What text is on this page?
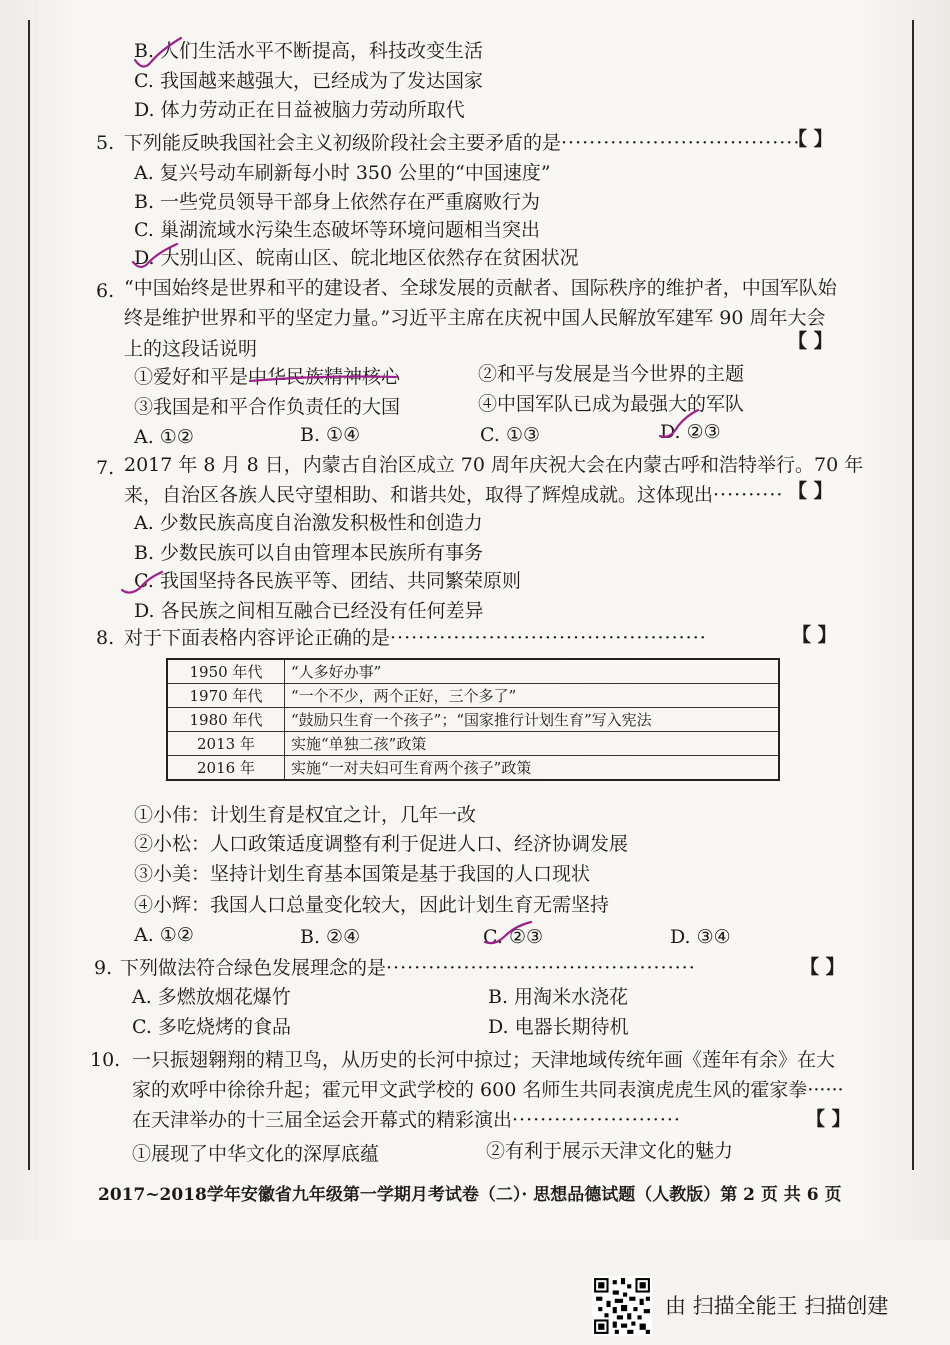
B. 人们生活水平不断提高，科技改变生活
C. 我国越来越强大，已经成为了发达国家
D. 体力劳动正在日益被脑力劳动所取代
5. 下列能反映我国社会主义初级阶段社会主要矛盾的是··································
【 】
A. 复兴号动车刷新每小时 350 公里的“中国速度”
B. 一些党员领导干部身上依然存在严重腐败行为
C. 巢湖流域水污染生态破坏等环境问题相当突出
D. 大别山区、皖南山区、皖北地区依然存在贫困状况
6. “中国始终是世界和平的建设者、全球发展的贡献者、国际秩序的维护者，中国军队始
终是维护世界和平的坚定力量。”习近平主席在庆祝中国人民解放军建军 90 周年大会
上的这段话说明	【 】
①爱好和平是中华民族精神核心	②和平与发展是当今世界的主题
③我国是和平合作负责任的大国	④中国军队已成为最强大的军队
A. ①②	B. ①④	C. ①③	D. ②③
7. 2017 年 8 月 8 日，内蒙古自治区成立 70 周年庆祝大会在内蒙古呼和浩特举行。70 年
来，自治区各族人民守望相助、和谐共处，取得了辉煌成就。这体现出·········· 【 】
A. 少数民族高度自治激发积极性和创造力
B. 少数民族可以自由管理本民族所有事务
C. 我国坚持各民族平等、团结、共同繁荣原则
D. 各民族之间相互融合已经没有任何差异
8. 对于下面表格内容评论正确的是·············································	【 】
1950 年代	“人多好办事”
1970 年代	“一个不少，两个正好，三个多了”
1980 年代	“鼓励只生育一个孩子”；“国家推行计划生育”写入宪法
2013 年	实施“单独二孩”政策
2016 年	实施“一对夫妇可生育两个孩子”政策
①小伟：计划生育是权宜之计，几年一改
②小松：人口政策适度调整有利于促进人口、经济协调发展
③小美：坚持计划生育基本国策是基于我国的人口现状
④小辉：我国人口总量变化较大，因此计划生育无需坚持
A. ①②	B. ②④	C. ②③	D. ③④
9. 下列做法符合绿色发展理念的是············································	【 】
A. 多燃放烟花爆竹	B. 用淘米水浇花
C. 多吃烧烤的食品	D. 电器长期待机
10. 一只振翅翱翔的精卫鸟，从历史的长河中掠过；天津地域传统年画《莲年有余》在大
家的欢呼中徐徐升起；霍元甲文武学校的 600 名师生共同表演虎虎生风的霍家拳······
在天津举办的十三届全运会开幕式的精彩演出························	【 】
①展现了中华文化的深厚底蕴	②有利于展示天津文化的魅力
2017~2018学年安徽省九年级第一学期月考试卷（二）· 思想品德试题（人教版）第 2 页 共 6 页
由 扫描全能王 扫描创建
